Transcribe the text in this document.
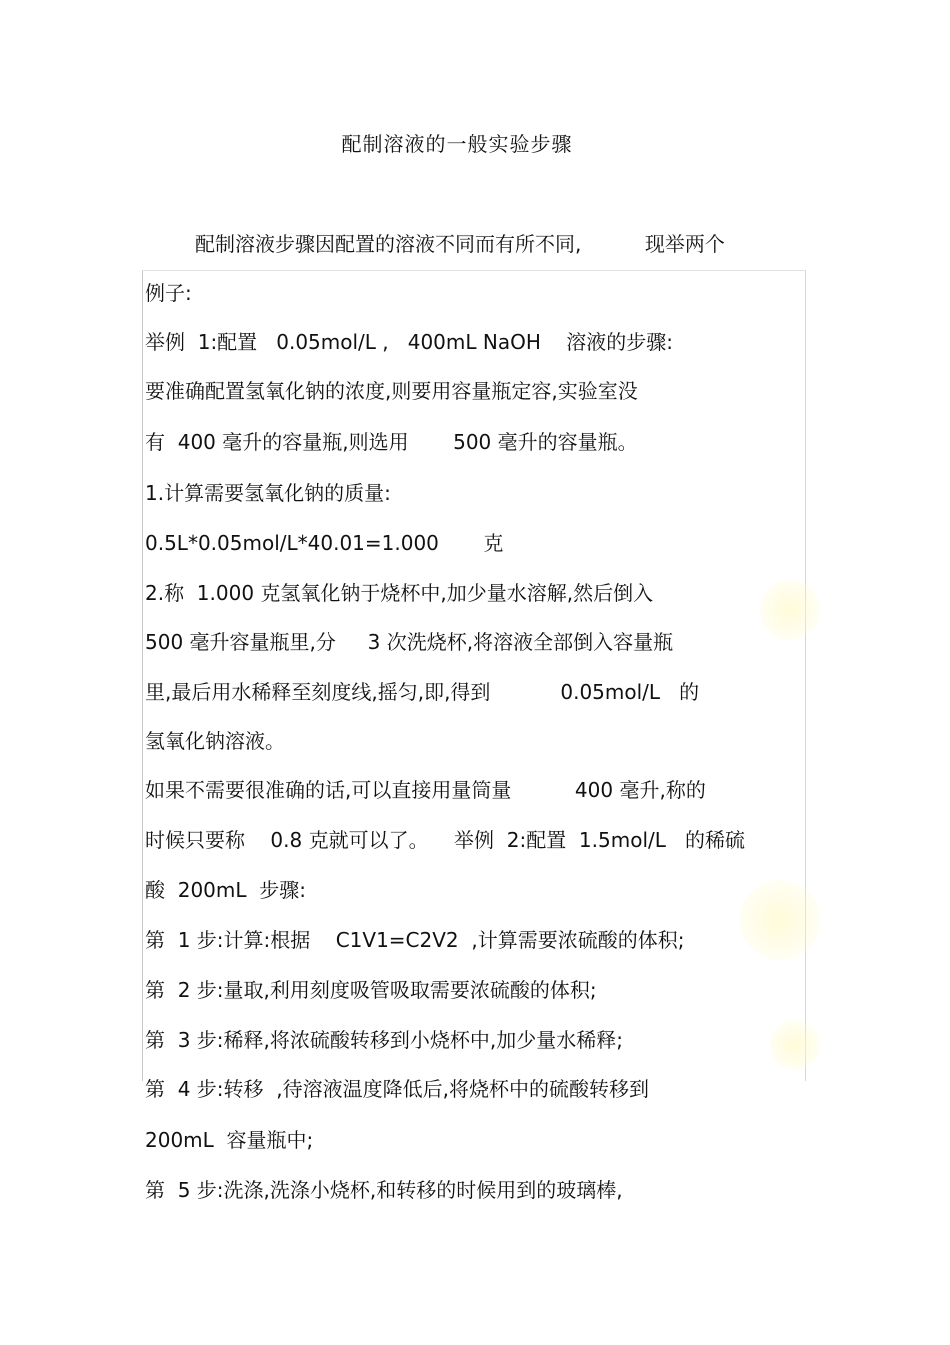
配制溶液的一般实验步骤
配制溶液步骤因配置的溶液不同而有所不同,          现举两个
例子:
举例  1:配置   0.05mol/L ,   400mL NaOH    溶液的步骤:
要准确配置氢氧化钠的浓度,则要用容量瓶定容,实验室没
有  400 毫升的容量瓶,则选用       500 毫升的容量瓶。
1.计算需要氢氧化钠的质量:
0.5L*0.05mol/L*40.01=1.000       克
2.称  1.000 克氢氧化钠于烧杯中,加少量水溶解,然后倒入
500 毫升容量瓶里,分     3 次洗烧杯,将溶液全部倒入容量瓶
里,最后用水稀释至刻度线,摇匀,即,得到           0.05mol/L   的
氢氧化钠溶液。
如果不需要很准确的话,可以直接用量筒量          400 毫升,称的
时候只要称    0.8 克就可以了。    举例  2:配置  1.5mol/L   的稀硫
酸  200mL  步骤:
第  1 步:计算:根据    C1V1=C2V2  ,计算需要浓硫酸的体积;
第  2 步:量取,利用刻度吸管吸取需要浓硫酸的体积;
第  3 步:稀释,将浓硫酸转移到小烧杯中,加少量水稀释;
第  4 步:转移  ,待溶液温度降低后,将烧杯中的硫酸转移到
200mL  容量瓶中;
第  5 步:洗涤,洗涤小烧杯,和转移的时候用到的玻璃棒,
